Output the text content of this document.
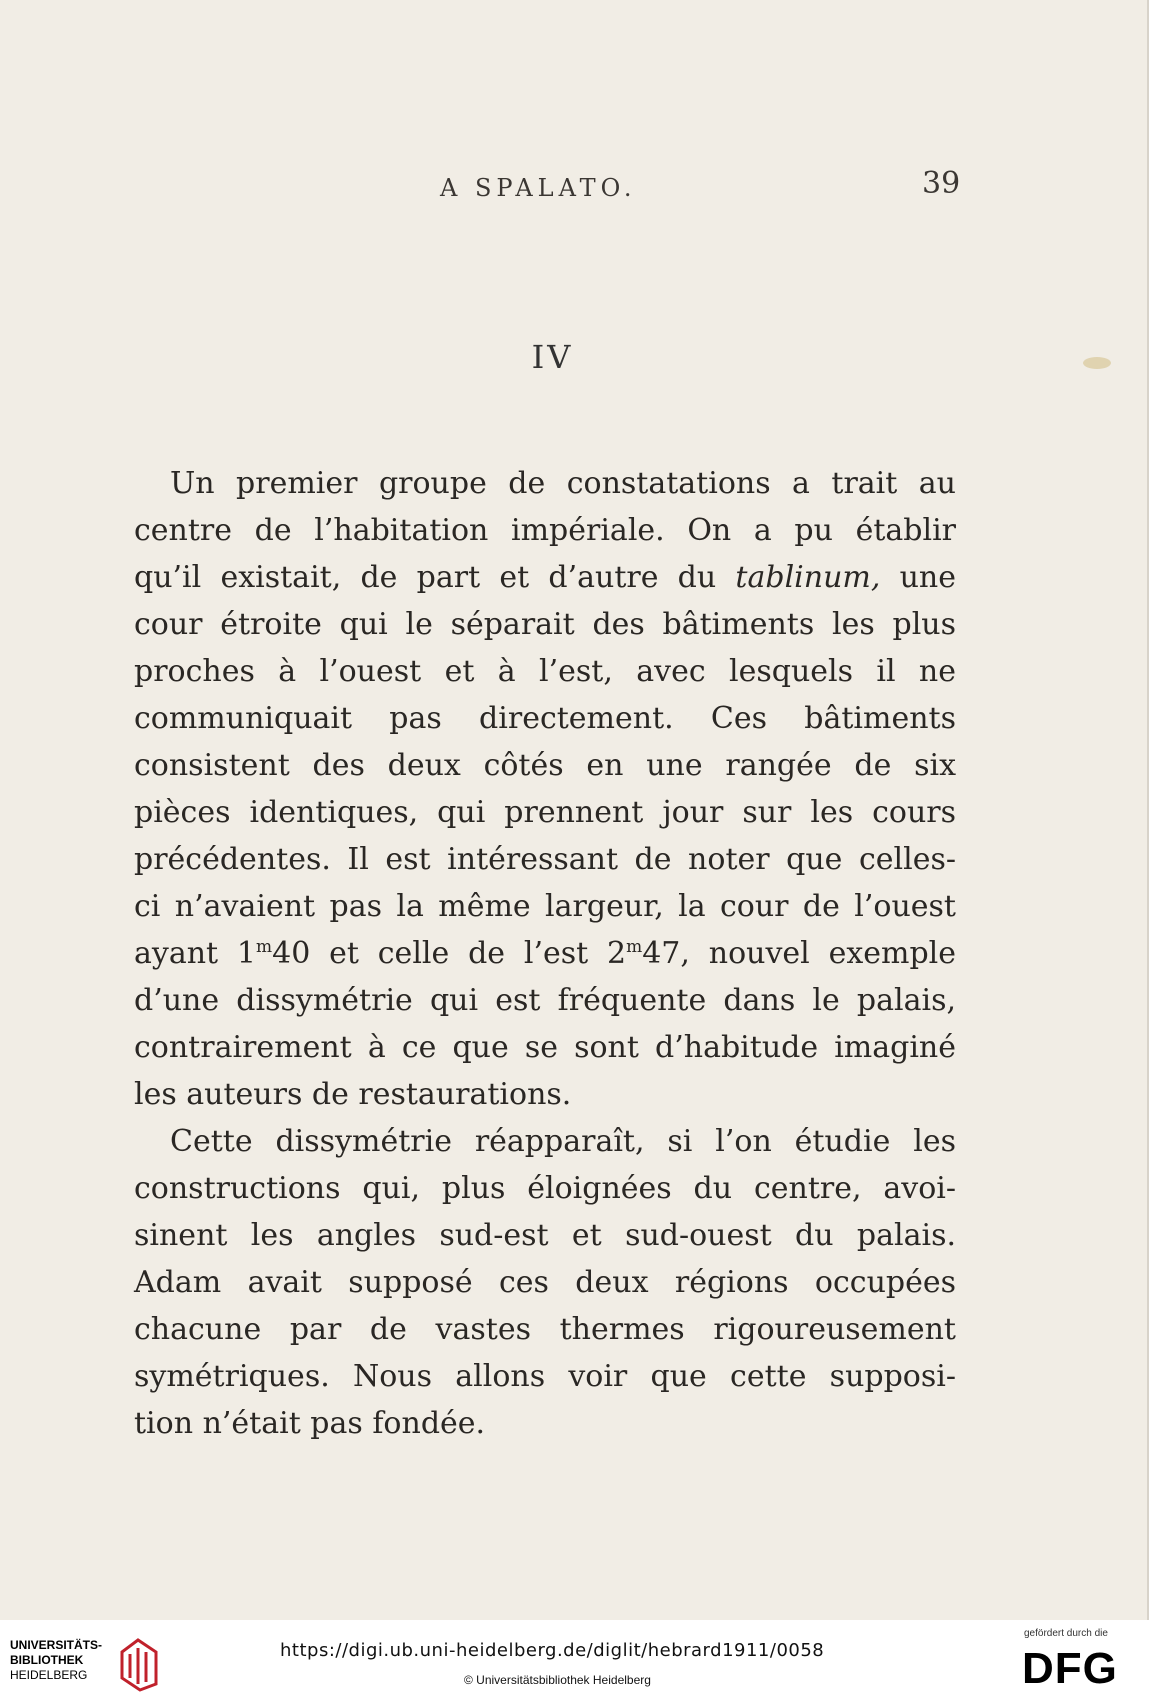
A SPALATO.	39
IV
Un premier groupe de constatations a trait au
centre de l’habitation impériale. On a pu établir
qu’il existait, de part et d’autre du tablinum, une
cour étroite qui le séparait des bâtiments les plus
proches à l’ouest et à l’est, avec lesquels il ne
communiquait pas directement. Ces bâtiments
consistent des deux côtés en une rangée de six
pièces identiques, qui prennent jour sur les cours
précédentes. Il est intéressant de noter que celles-
ci n’avaient pas la même largeur, la cour de l’ouest
ayant 1$^m$40 et celle de l’est 2$^m$47, nouvel exemple
d’une dissymétrie qui est fréquente dans le palais,
contrairement à ce que se sont d’habitude imaginé
les auteurs de restaurations.
Cette dissymétrie réapparaît, si l’on étudie les
constructions qui, plus éloignées du centre, avoi-
sinent les angles sud-est et sud-ouest du palais.
Adam avait supposé ces deux régions occupées
chacune par de vastes thermes rigoureusement
symétriques. Nous allons voir que cette supposi-
tion n’était pas fondée.
UNIVERSITÄTS-
BIBLIOTHEK
HEIDELBERG
https://digi.ub.uni-heidelberg.de/diglit/hebrard1911/0058
© Universitätsbibliothek Heidelberg
gefördert durch die
DFG
